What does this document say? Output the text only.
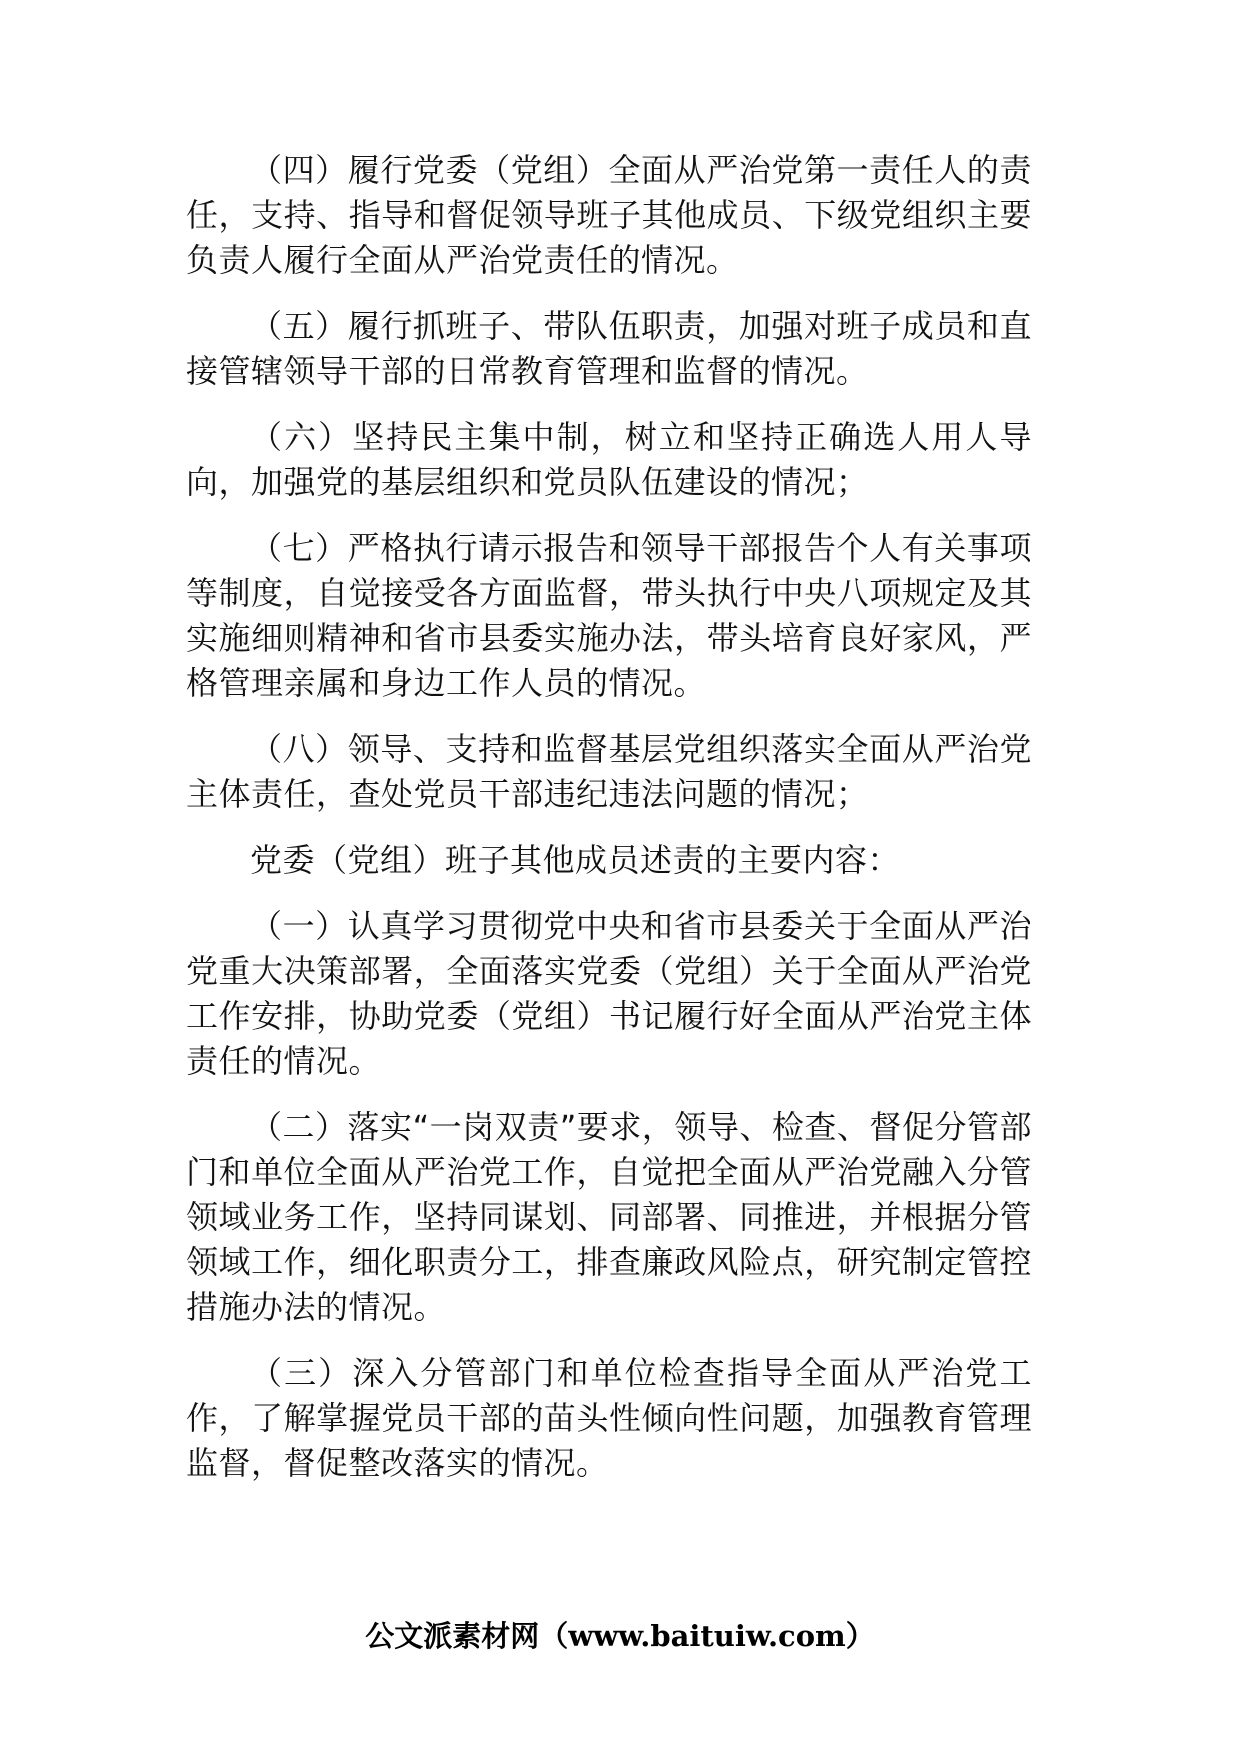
（四）履行党委（党组）全面从严治党第一责任人的责任，支持、指导和督促领导班子其他成员、下级党组织主要负责人履行全面从严治党责任的情况。

（五）履行抓班子、带队伍职责，加强对班子成员和直接管辖领导干部的日常教育管理和监督的情况。

（六）坚持民主集中制，树立和坚持正确选人用人导向，加强党的基层组织和党员队伍建设的情况；

（七）严格执行请示报告和领导干部报告个人有关事项等制度，自觉接受各方面监督，带头执行中央八项规定及其实施细则精神和省市县委实施办法，带头培育良好家风，严格管理亲属和身边工作人员的情况。

（八）领导、支持和监督基层党组织落实全面从严治党主体责任，查处党员干部违纪违法问题的情况；

党委（党组）班子其他成员述责的主要内容：

（一）认真学习贯彻党中央和省市县委关于全面从严治党重大决策部署，全面落实党委（党组）关于全面从严治党工作安排，协助党委（党组）书记履行好全面从严治党主体责任的情况。

（二）落实“一岗双责”要求，领导、检查、督促分管部门和单位全面从严治党工作，自觉把全面从严治党融入分管领域业务工作，坚持同谋划、同部署、同推进，并根据分管领域工作，细化职责分工，排查廉政风险点，研究制定管控措施办法的情况。

（三）深入分管部门和单位检查指导全面从严治党工作，了解掌握党员干部的苗头性倾向性问题，加强教育管理监督，督促整改落实的情况。

公文派素材网（www.baituiw.com）
